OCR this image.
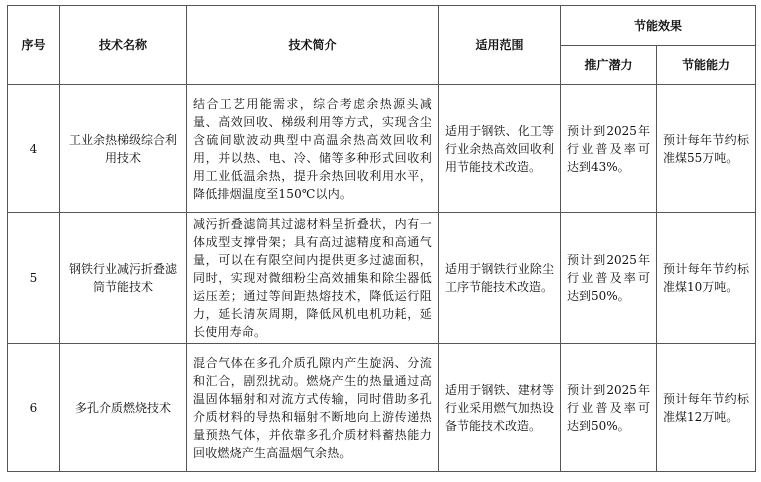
序号	技术名称	技术简介	适用范围	节能效果	
				推广潜力	节能能力
4	工业余热梯级综合利用技术	结合工艺用能需求，综合考虑余热源头减量、高效回收、梯级利用等方式，实现含尘含硫间歇波动典型中高温余热高效回收利用，并以热、电、冷、储等多种形式回收利用工业低温余热，提升余热回收利用水平，降低排烟温度至150℃以内。	适用于钢铁、化工等行业余热高效回收利用节能技术改造。	预计到2025年行业普及率可达到43%。	预计每年节约标准煤55万吨。
5	钢铁行业减污折叠滤筒节能技术	减污折叠滤筒其过滤材料呈折叠状，内有一体成型支撑骨架；具有高过滤精度和高通气量，可以在有限空间内提供更多过滤面积，同时，实现对微细粉尘高效捕集和除尘器低运压差；通过等间距热熔技术，降低运行阻力，延长清灰周期，降低风机电机功耗，延长使用寿命。	适用于钢铁行业除尘工序节能技术改造。	预计到2025年行业普及率可达到50%。	预计每年节约标准煤10万吨。
6	多孔介质燃烧技术	混合气体在多孔介质孔隙内产生旋涡、分流和汇合，剧烈扰动。燃烧产生的热量通过高温固体辐射和对流方式传输，同时借助多孔介质材料的导热和辐射不断地向上游传递热量预热气体，并依靠多孔介质材料蓄热能力回收燃烧产生高温烟气余热。	适用于钢铁、建材等行业采用燃气加热设备节能技术改造。	预计到2025年行业普及率可达到50%。	预计每年节约标准煤12万吨。
